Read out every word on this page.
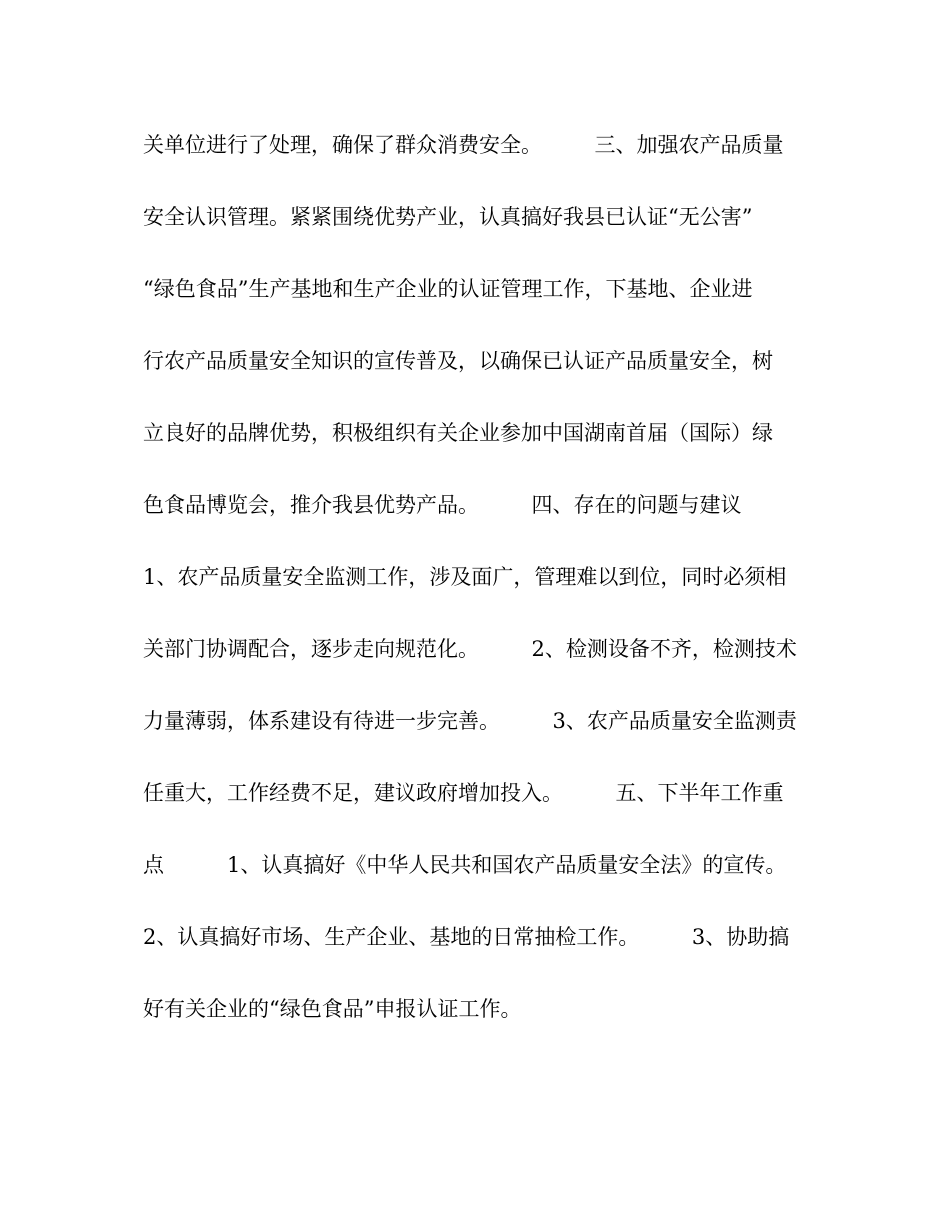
关单位进行了处理，确保了群众消费安全。　　　三、加强农产品质量
安全认识管理。紧紧围绕优势产业，认真搞好我县已认证“无公害”
“绿色食品”生产基地和生产企业的认证管理工作，下基地、企业进
行农产品质量安全知识的宣传普及，以确保已认证产品质量安全，树
立良好的品牌优势，积极组织有关企业参加中国湖南首届（国际）绿
色食品博览会，推介我县优势产品。　　　四、存在的问题与建议
1、农产品质量安全监测工作，涉及面广，管理难以到位，同时必须相
关部门协调配合，逐步走向规范化。　　　2、检测设备不齐，检测技术
力量薄弱，体系建设有待进一步完善。　　　3、农产品质量安全监测责
任重大，工作经费不足，建议政府增加投入。　　　五、下半年工作重
点　　　1、认真搞好《中华人民共和国农产品质量安全法》的宣传。
2、认真搞好市场、生产企业、基地的日常抽检工作。　　　3、协助搞
好有关企业的“绿色食品”申报认证工作。
